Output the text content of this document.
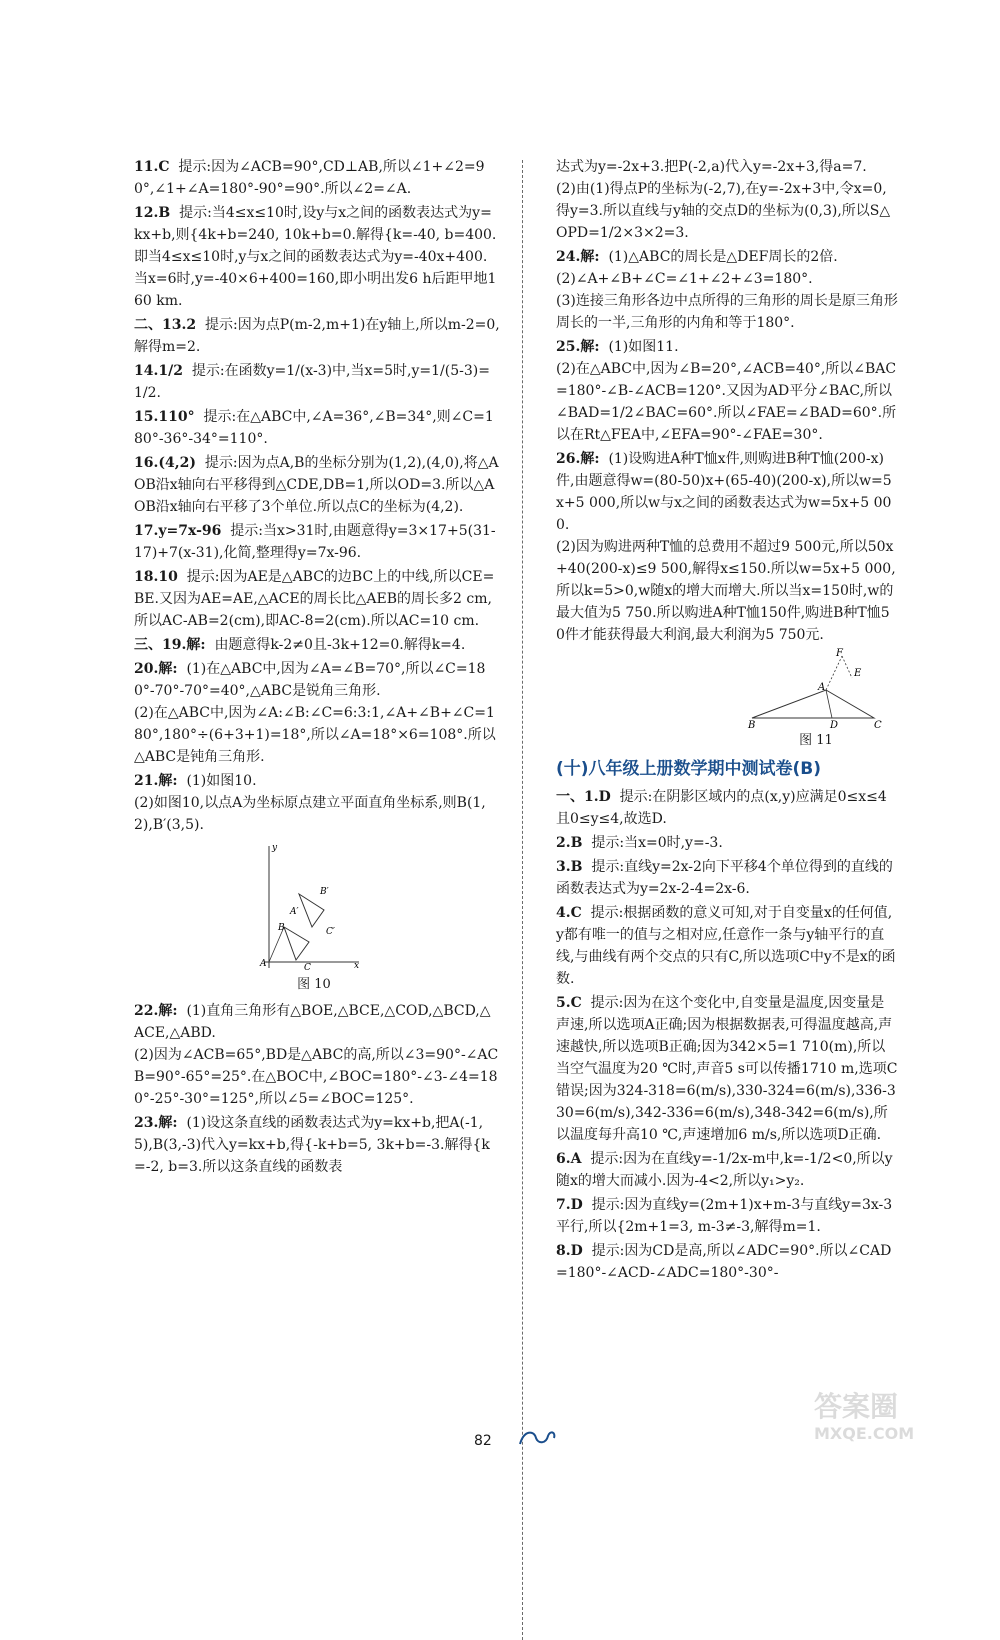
11.C 提示:因为∠ACB=90°,CD⊥AB,所以∠1+∠2=90°,∠1+∠A=180°-90°=90°.所以∠2=∠A.
12.B 提示:当4≤x≤10时,设y与x之间的函数表达式为y=kx+b,则{4k+b=240, 10k+b=0.解得{k=-40, b=400.即当4≤x≤10时,y与x之间的函数表达式为y=-40x+400.当x=6时,y=-40×6+400=160,即小明出发6 h后距甲地160 km.
二、13.2 提示:因为点P(m-2,m+1)在y轴上,所以m-2=0,解得m=2.
14.1/2 提示:在函数y=1/(x-3)中,当x=5时,y=1/(5-3)=1/2.
15.110° 提示:在△ABC中,∠A=36°,∠B=34°,则∠C=180°-36°-34°=110°.
16.(4,2) 提示:因为点A,B的坐标分别为(1,2),(4,0),将△AOB沿x轴向右平移得到△CDE,DB=1,所以OD=3.所以△AOB沿x轴向右平移了3个单位.所以点C的坐标为(4,2).
17.y=7x-96 提示:当x>31时,由题意得y=3×17+5(31-17)+7(x-31),化简,整理得y=7x-96.
18.10 提示:因为AE是△ABC的边BC上的中线,所以CE=BE.又因为AE=AE,△ACE的周长比△AEB的周长多2 cm,所以AC-AB=2(cm),即AC-8=2(cm).所以AC=10 cm.
三、19.解: 由题意得k-2≠0且-3k+12=0.解得k=4.
20.解: (1)在△ABC中,因为∠A=∠B=70°,所以∠C=180°-70°-70°=40°,△ABC是锐角三角形.
(2)在△ABC中,因为∠A:∠B:∠C=6:3:1,∠A+∠B+∠C=180°,180°÷(6+3+1)=18°,所以∠A=18°×6=108°.所以△ABC是钝角三角形.
21.解: (1)如图10.
(2)如图10,以点A为坐标原点建立平面直角坐标系,则B(1,2),B′(3,5).
y
B′
A′
C′
B
A	C	x
图 10
22.解: (1)直角三角形有△BOE,△BCE,△COD,△BCD,△ACE,△ABD.
(2)因为∠ACB=65°,BD是△ABC的高,所以∠3=90°-∠ACB=90°-65°=25°.在△BOC中,∠BOC=180°-∠3-∠4=180°-25°-30°=125°,所以∠5=∠BOC=125°.
23.解: (1)设这条直线的函数表达式为y=kx+b,把A(-1,5),B(3,-3)代入y=kx+b,得{-k+b=5, 3k+b=-3.解得{k=-2, b=3.所以这条直线的函数表
达式为y=-2x+3.把P(-2,a)代入y=-2x+3,得a=7.
(2)由(1)得点P的坐标为(-2,7),在y=-2x+3中,令x=0,得y=3.所以直线与y轴的交点D的坐标为(0,3),所以S△OPD=1/2×3×2=3.
24.解: (1)△ABC的周长是△DEF周长的2倍.
(2)∠A+∠B+∠C=∠1+∠2+∠3=180°.
(3)连接三角形各边中点所得的三角形的周长是原三角形周长的一半,三角形的内角和等于180°.
25.解: (1)如图11.
(2)在△ABC中,因为∠B=20°,∠ACB=40°,所以∠BAC=180°-∠B-∠ACB=120°.又因为AD平分∠BAC,所以∠BAD=1/2∠BAC=60°.所以∠FAE=∠BAD=60°.所以在Rt△FEA中,∠EFA=90°-∠FAE=30°.
26.解: (1)设购进A种T恤x件,则购进B种T恤(200-x)件,由题意得w=(80-50)x+(65-40)(200-x),所以w=5x+5 000,所以w与x之间的函数表达式为w=5x+5 000.
(2)因为购进两种T恤的总费用不超过9 500元,所以50x+40(200-x)≤9 500,解得x≤150.所以w=5x+5 000,所以k=5>0,w随x的增大而增大.所以当x=150时,w的最大值为5 750.所以购进A种T恤150件,购进B种T恤50件才能获得最大利润,最大利润为5 750元.
F
A
E
B	D	C
图 11
(十)八年级上册数学期中测试卷(B)
一、1.D 提示:在阴影区域内的点(x,y)应满足0≤x≤4且0≤y≤4,故选D.
2.B 提示:当x=0时,y=-3.
3.B 提示:直线y=2x-2向下平移4个单位得到的直线的函数表达式为y=2x-2-4=2x-6.
4.C 提示:根据函数的意义可知,对于自变量x的任何值,y都有唯一的值与之相对应,任意作一条与y轴平行的直线,与曲线有两个交点的只有C,所以选项C中y不是x的函数.
5.C 提示:因为在这个变化中,自变量是温度,因变量是声速,所以选项A正确;因为根据数据表,可得温度越高,声速越快,所以选项B正确;因为342×5=1 710(m),所以当空气温度为20 ℃时,声音5 s可以传播1710 m,选项C错误;因为324-318=6(m/s),330-324=6(m/s),336-330=6(m/s),342-336=6(m/s),348-342=6(m/s),所以温度每升高10 ℃,声速增加6 m/s,所以选项D正确.
6.A 提示:因为在直线y=-1/2x-m中,k=-1/2<0,所以y随x的增大而减小.因为-4<2,所以y₁>y₂.
7.D 提示:因为直线y=(2m+1)x+m-3与直线y=3x-3平行,所以{2m+1=3, m-3≠-3,解得m=1.
8.D 提示:因为CD是高,所以∠ADC=90°.所以∠CAD=180°-∠ACD-∠ADC=180°-30°-
82
答案圈
MXQE.COM
